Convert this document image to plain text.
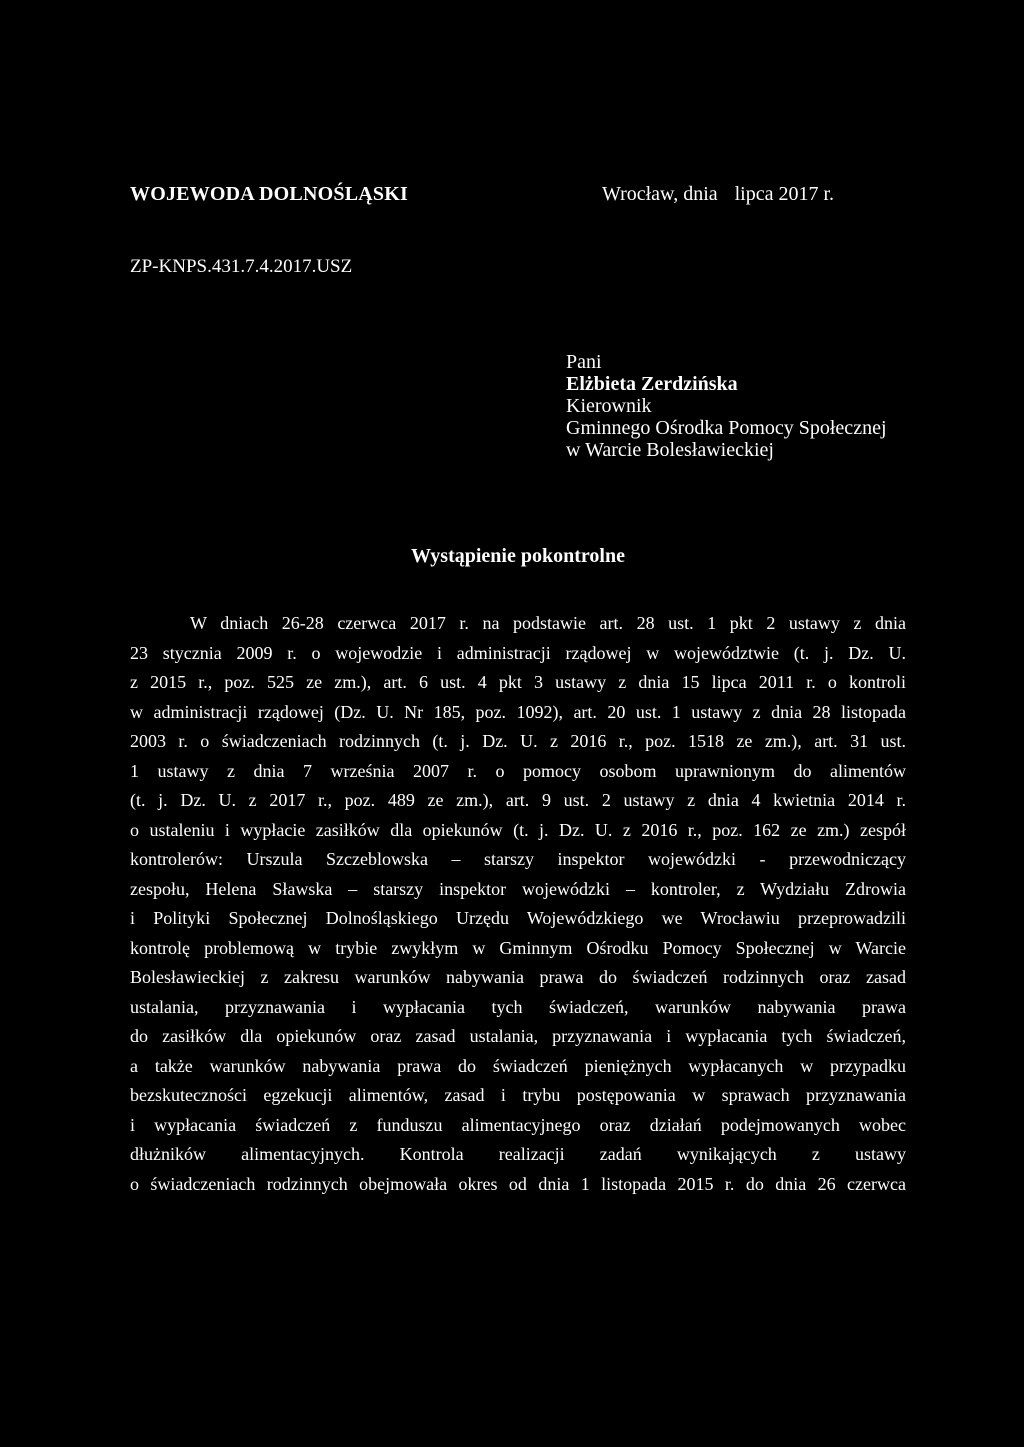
WOJEWODA DOLNOŚLĄSKI	Wrocław, dnia lipca 2017 r.
ZP-KNPS.431.7.4.2017.USZ
Pani
Elżbieta Zerdzińska
Kierownik
Gminnego Ośrodka Pomocy Społecznej
w Warcie Bolesławieckiej
Wystąpienie pokontrolne
W dniach 26-28 czerwca 2017 r. na podstawie art. 28 ust. 1 pkt 2 ustawy z dnia
23 stycznia 2009 r. o wojewodzie i administracji rządowej w województwie (t. j. Dz. U.
z 2015 r., poz. 525 ze zm.), art. 6 ust. 4 pkt 3 ustawy z dnia 15 lipca 2011 r. o kontroli
w administracji rządowej (Dz. U. Nr 185, poz. 1092), art. 20 ust. 1 ustawy z dnia 28 listopada
2003 r. o świadczeniach rodzinnych (t. j. Dz. U. z 2016 r., poz. 1518 ze zm.), art. 31 ust.
1 ustawy z dnia 7 września 2007 r. o pomocy osobom uprawnionym do alimentów
(t. j. Dz. U. z 2017 r., poz. 489 ze zm.), art. 9 ust. 2 ustawy z dnia 4 kwietnia 2014 r.
o ustaleniu i wypłacie zasiłków dla opiekunów (t. j. Dz. U. z 2016 r., poz. 162 ze zm.) zespół
kontrolerów: Urszula Szczeblowska – starszy inspektor wojewódzki - przewodniczący
zespołu, Helena Sławska – starszy inspektor wojewódzki – kontroler, z Wydziału Zdrowia
i Polityki Społecznej Dolnośląskiego Urzędu Wojewódzkiego we Wrocławiu przeprowadzili
kontrolę problemową w trybie zwykłym w Gminnym Ośrodku Pomocy Społecznej w Warcie
Bolesławieckiej z zakresu warunków nabywania prawa do świadczeń rodzinnych oraz zasad
ustalania, przyznawania i wypłacania tych świadczeń, warunków nabywania prawa
do zasiłków dla opiekunów oraz zasad ustalania, przyznawania i wypłacania tych świadczeń,
a także warunków nabywania prawa do świadczeń pieniężnych wypłacanych w przypadku
bezskuteczności egzekucji alimentów, zasad i trybu postępowania w sprawach przyznawania
i wypłacania świadczeń z funduszu alimentacyjnego oraz działań podejmowanych wobec
dłużników alimentacyjnych. Kontrola realizacji zadań wynikających z ustawy
o świadczeniach rodzinnych obejmowała okres od dnia 1 listopada 2015 r. do dnia 26 czerwca
